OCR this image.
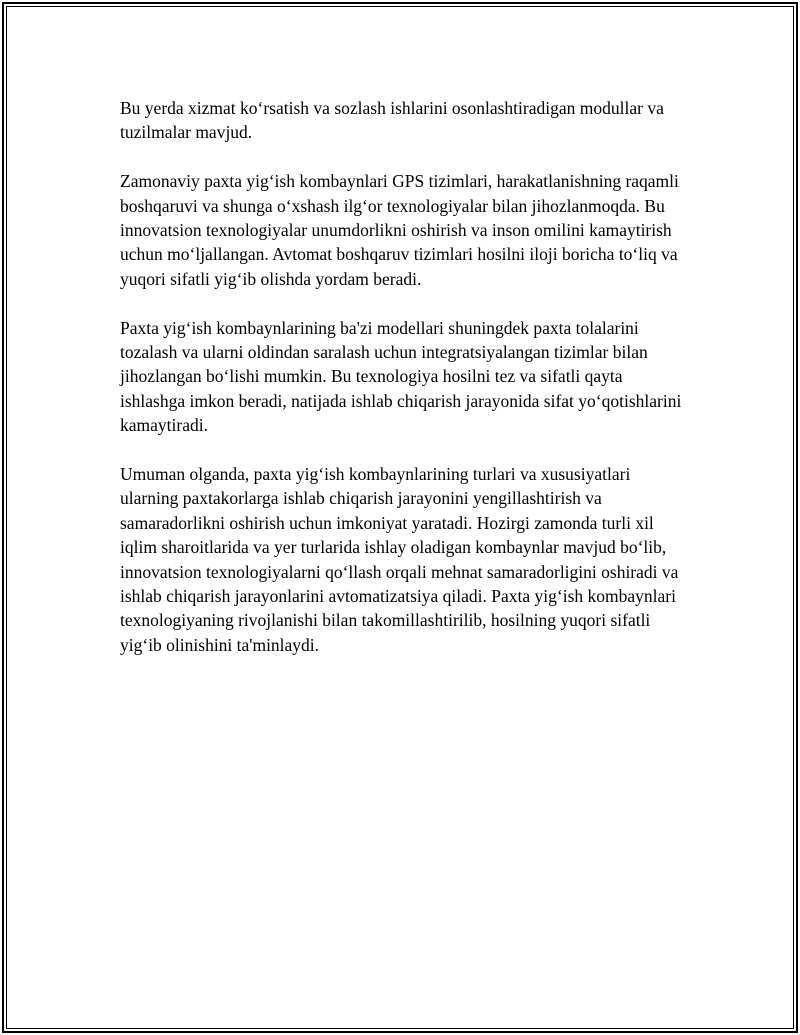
Bu yerda xizmat ko‘rsatish va sozlash ishlarini osonlashtiradigan modullar va tuzilmalar mavjud.

Zamonaviy paxta yig‘ish kombaynlari GPS tizimlari, harakatlanishning raqamli boshqaruvi va shunga o‘xshash ilg‘or texnologiyalar bilan jihozlanmoqda. Bu innovatsion texnologiyalar unumdorlikni oshirish va inson omilini kamaytirish uchun mo‘ljallangan. Avtomat boshqaruv tizimlari hosilni iloji boricha to‘liq va yuqori sifatli yig‘ib olishda yordam beradi.

Paxta yig‘ish kombaynlarining ba'zi modellari shuningdek paxta tolalarini tozalash va ularni oldindan saralash uchun integratsiyalangan tizimlar bilan jihozlangan bo‘lishi mumkin. Bu texnologiya hosilni tez va sifatli qayta ishlashga imkon beradi, natijada ishlab chiqarish jarayonida sifat yo‘qotishlarini kamaytiradi.

Umuman olganda, paxta yig‘ish kombaynlarining turlari va xususiyatlari ularning paxtakorlarga ishlab chiqarish jarayonini yengillashtirish va samaradorlikni oshirish uchun imkoniyat yaratadi. Hozirgi zamonda turli xil iqlim sharoitlarida va yer turlarida ishlay oladigan kombaynlar mavjud bo‘lib, innovatsion texnologiyalarni qo‘llash orqali mehnat samaradorligini oshiradi va ishlab chiqarish jarayonlarini avtomatizatsiya qiladi. Paxta yig‘ish kombaynlari texnologiyaning rivojlanishi bilan takomillashtirilib, hosilning yuqori sifatli yig‘ib olinishini ta'minlaydi.
